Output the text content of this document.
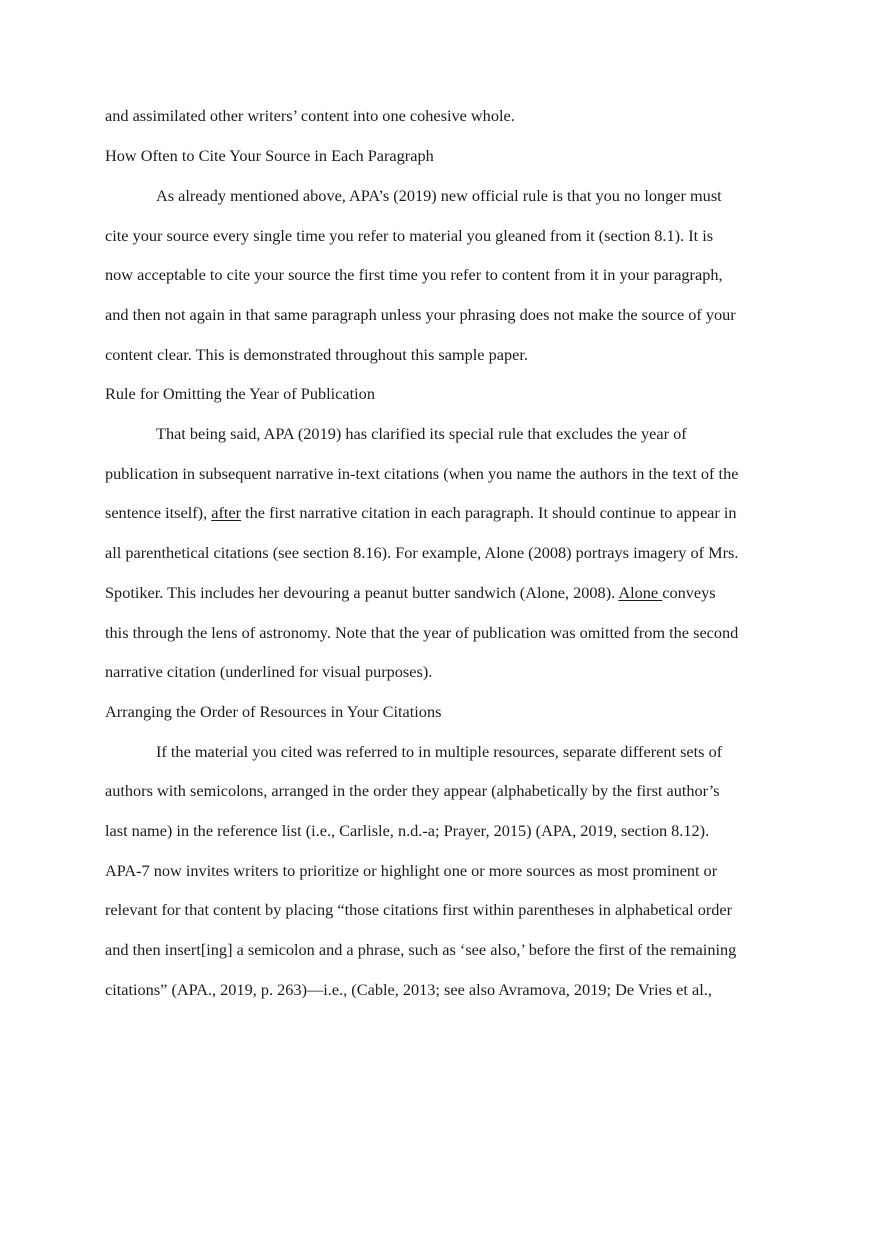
and assimilated other writers’ content into one cohesive whole.
How Often to Cite Your Source in Each Paragraph
As already mentioned above, APA’s (2019) new official rule is that you no longer must
cite your source every single time you refer to material you gleaned from it (section 8.1). It is
now acceptable to cite your source the first time you refer to content from it in your paragraph,
and then not again in that same paragraph unless your phrasing does not make the source of your
content clear. This is demonstrated throughout this sample paper.
Rule for Omitting the Year of Publication
That being said, APA (2019) has clarified its special rule that excludes the year of
publication in subsequent narrative in-text citations (when you name the authors in the text of the
sentence itself), after the first narrative citation in each paragraph. It should continue to appear in
all parenthetical citations (see section 8.16). For example, Alone (2008) portrays imagery of Mrs.
Spotiker. This includes her devouring a peanut butter sandwich (Alone, 2008). Alone conveys
this through the lens of astronomy. Note that the year of publication was omitted from the second
narrative citation (underlined for visual purposes).
Arranging the Order of Resources in Your Citations
If the material you cited was referred to in multiple resources, separate different sets of
authors with semicolons, arranged in the order they appear (alphabetically by the first author’s
last name) in the reference list (i.e., Carlisle, n.d.-a; Prayer, 2015) (APA, 2019, section 8.12).
APA-7 now invites writers to prioritize or highlight one or more sources as most prominent or
relevant for that content by placing “those citations first within parentheses in alphabetical order
and then insert[ing] a semicolon and a phrase, such as ‘see also,’ before the first of the remaining
citations” (APA., 2019, p. 263)—i.e., (Cable, 2013; see also Avramova, 2019; De Vries et al.,
